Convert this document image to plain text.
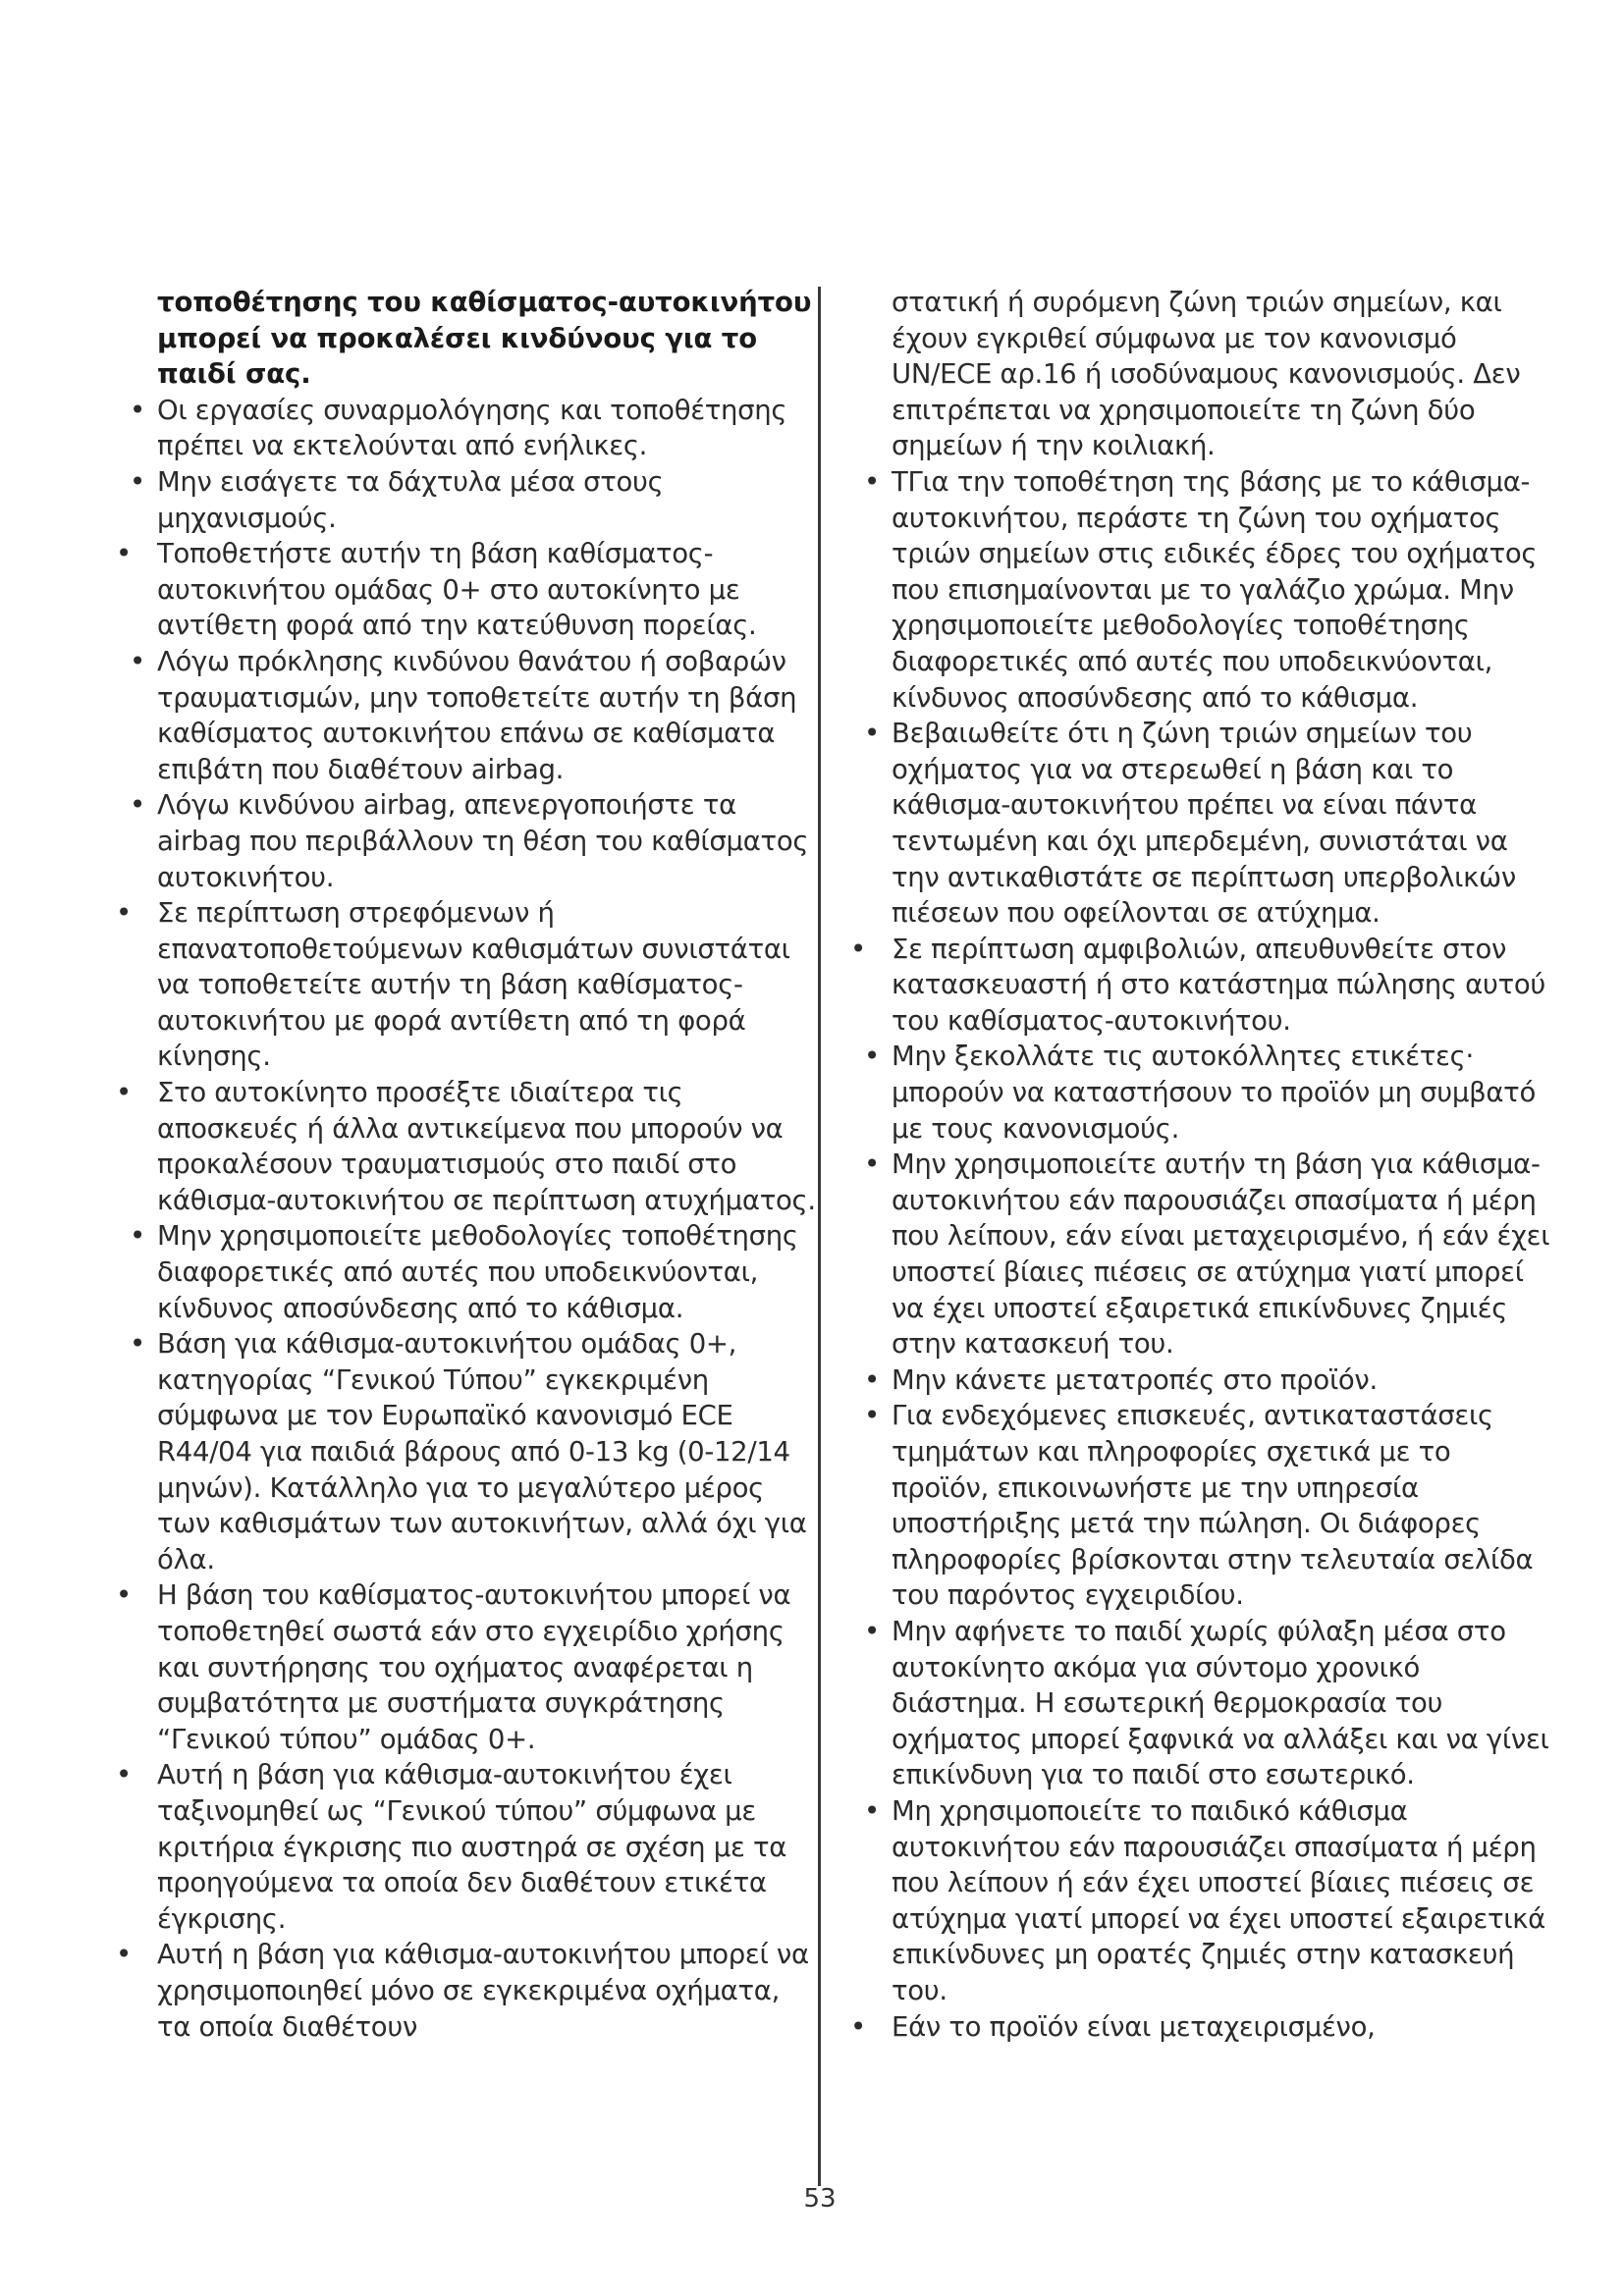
τοποθέτησης του καθίσματος-αυτοκινήτου μπορεί να προκαλέσει κινδύνους για το παιδί σας.

• Οι εργασίες συναρμολόγησης και τοποθέτησης πρέπει να εκτελούνται από ενήλικες.
• Μην εισάγετε τα δάχτυλα μέσα στους μηχανισμούς.
• Τοποθετήστε αυτήν τη βάση καθίσματος-αυτοκινήτου ομάδας 0+ στο αυτοκίνητο με αντίθετη φορά από την κατεύθυνση πορείας.
• Λόγω πρόκλησης κινδύνου θανάτου ή σοβαρών τραυματισμών, μην τοποθετείτε αυτήν τη βάση καθίσματος αυτοκινήτου επάνω σε καθίσματα επιβάτη που διαθέτουν airbag.
• Λόγω κινδύνου airbag, απενεργοποιήστε τα airbag που περιβάλλουν τη θέση του καθίσματος αυτοκινήτου.
• Σε περίπτωση στρεφόμενων ή επανατοποθετούμενων καθισμάτων συνιστάται να τοποθετείτε αυτήν τη βάση καθίσματος-αυτοκινήτου με φορά αντίθετη από τη φορά κίνησης.
• Στο αυτοκίνητο προσέξτε ιδιαίτερα τις αποσκευές ή άλλα αντικείμενα που μπορούν να προκαλέσουν τραυματισμούς στο παιδί στο κάθισμα-αυτοκινήτου σε περίπτωση ατυχήματος.
• Μην χρησιμοποιείτε μεθοδολογίες τοποθέτησης διαφορετικές από αυτές που υποδεικνύονται, κίνδυνος αποσύνδεσης από το κάθισμα.
• Βάση για κάθισμα-αυτοκινήτου ομάδας 0+, κατηγορίας “Γενικού Τύπου” εγκεκριμένη σύμφωνα με τον Ευρωπαϊκό κανονισμό ECE R44/04 για παιδιά βάρους από 0-13 kg (0-12/14 μηνών). Κατάλληλο για το μεγαλύτερο μέρος των καθισμάτων των αυτοκινήτων, αλλά όχι για όλα.
• Η βάση του καθίσματος-αυτοκινήτου μπορεί να τοποθετηθεί σωστά εάν στο εγχειρίδιο χρήσης και συντήρησης του οχήματος αναφέρεται η συμβατότητα με συστήματα συγκράτησης “Γενικού τύπου” ομάδας 0+.
• Αυτή η βάση για κάθισμα-αυτοκινήτου έχει ταξινομηθεί ως “Γενικού τύπου” σύμφωνα με κριτήρια έγκρισης πιο αυστηρά σε σχέση με τα προηγούμενα τα οποία δεν διαθέτουν ετικέτα έγκρισης.
• Αυτή η βάση για κάθισμα-αυτοκινήτου μπορεί να χρησιμοποιηθεί μόνο σε εγκεκριμένα οχήματα, τα οποία διαθέτουν

στατική ή συρόμενη ζώνη τριών σημείων, και έχουν εγκριθεί σύμφωνα με τον κανονισμό UN/ECE αρ.16 ή ισοδύναμους κανονισμούς. Δεν επιτρέπεται να χρησιμοποιείτε τη ζώνη δύο σημείων ή την κοιλιακή.

• ΤΓια την τοποθέτηση της βάσης με το κάθισμα-αυτοκινήτου, περάστε τη ζώνη του οχήματος τριών σημείων στις ειδικές έδρες του οχήματος που επισημαίνονται με το γαλάζιο χρώμα. Μην χρησιμοποιείτε μεθοδολογίες τοποθέτησης διαφορετικές από αυτές που υποδεικνύονται, κίνδυνος αποσύνδεσης από το κάθισμα.
• Βεβαιωθείτε ότι η ζώνη τριών σημείων του οχήματος για να στερεωθεί η βάση και το κάθισμα-αυτοκινήτου πρέπει να είναι πάντα τεντωμένη και όχι μπερδεμένη, συνιστάται να την αντικαθιστάτε σε περίπτωση υπερβολικών πιέσεων που οφείλονται σε ατύχημα.
• Σε περίπτωση αμφιβολιών, απευθυνθείτε στον κατασκευαστή ή στο κατάστημα πώλησης αυτού του καθίσματος-αυτοκινήτου.
• Μην ξεκολλάτε τις αυτοκόλλητες ετικέτες· μπορούν να καταστήσουν το προϊόν μη συμβατό με τους κανονισμούς.
• Μην χρησιμοποιείτε αυτήν τη βάση για κάθισμα-αυτοκινήτου εάν παρουσιάζει σπασίματα ή μέρη που λείπουν, εάν είναι μεταχειρισμένο, ή εάν έχει υποστεί βίαιες πιέσεις σε ατύχημα γιατί μπορεί να έχει υποστεί εξαιρετικά επικίνδυνες ζημιές στην κατασκευή του.
• Μην κάνετε μετατροπές στο προϊόν.
• Για ενδεχόμενες επισκευές, αντικαταστάσεις τμημάτων και πληροφορίες σχετικά με το προϊόν, επικοινωνήστε με την υπηρεσία υποστήριξης μετά την πώληση. Οι διάφορες πληροφορίες βρίσκονται στην τελευταία σελίδα του παρόντος εγχειριδίου.
• Μην αφήνετε το παιδί χωρίς φύλαξη μέσα στο αυτοκίνητο ακόμα για σύντομο χρονικό διάστημα. Η εσωτερική θερμοκρασία του οχήματος μπορεί ξαφνικά να αλλάξει και να γίνει επικίνδυνη για το παιδί στο εσωτερικό.
• Μη χρησιμοποιείτε το παιδικό κάθισμα αυτοκινήτου εάν παρουσιάζει σπασίματα ή μέρη που λείπουν ή εάν έχει υποστεί βίαιες πιέσεις σε ατύχημα γιατί μπορεί να έχει υποστεί εξαιρετικά επικίνδυνες μη ορατές ζημιές στην κατασκευή του.
• Εάν το προϊόν είναι μεταχειρισμένο,
53
